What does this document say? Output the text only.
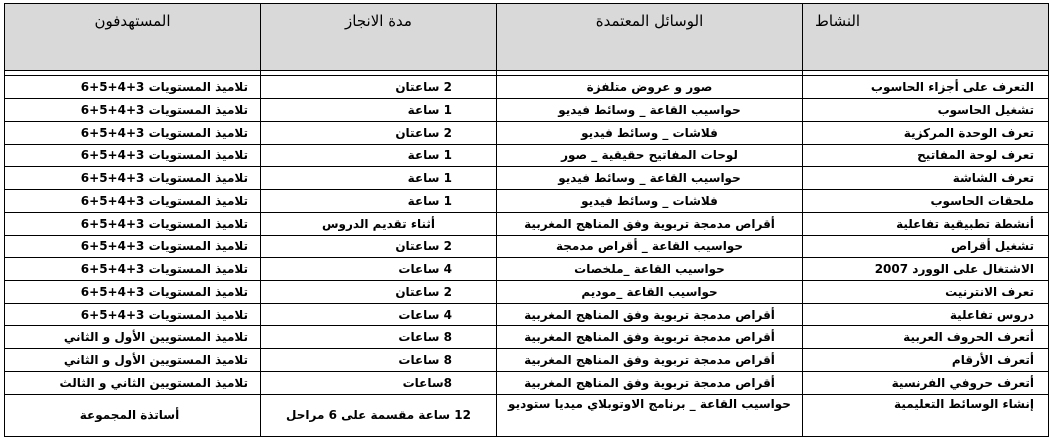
النشاط	الوسائل المعتمدة	مدة الانجاز	المستهدفون

التعرف على أجزاء الحاسوب	صور و عروض متلفزة	2 ساعتان	تلاميذ المستويات 3+4+5+6
تشغيل الحاسوب	حواسيب القاعة _ وسائط فيديو	1 ساعة	تلاميذ المستويات 3+4+5+6
تعرف الوحدة المركزية	فلاشات _ وسائط فيديو	2 ساعتان	تلاميذ المستويات 3+4+5+6
تعرف لوحة المفاتيح	لوحات المفاتيح حقيقية _ صور	1 ساعة	تلاميذ المستويات 3+4+5+6
تعرف الشاشة	حواسيب القاعة _ وسائط فيديو	1 ساعة	تلاميذ المستويات 3+4+5+6
ملحقات الحاسوب	فلاشات _ وسائط فيديو	1 ساعة	تلاميذ المستويات 3+4+5+6
أنشطة تطبيقية تفاعلية	أقراص مدمجة تربوية وفق المناهج المغربية	أثناء تقديم الدروس	تلاميذ المستويات 3+4+5+6
تشغيل أقراص	حواسيب القاعة _ أقراص مدمجة	2 ساعتان	تلاميذ المستويات 3+4+5+6
الاشتغال على الوورد 2007	حواسيب القاعة _ملخصات	4 ساعات	تلاميذ المستويات 3+4+5+6
تعرف الانترنيت	حواسيب القاعة _موديم	2 ساعتان	تلاميذ المستويات 3+4+5+6
دروس تفاعلية	أقراص مدمجة تربوية وفق المناهج المغربية	4 ساعات	تلاميذ المستويات 3+4+5+6
أتعرف الحروف العربية	أقراص مدمجة تربوية وفق المناهج المغربية	8 ساعات	تلاميذ المستويين الأول و الثاني
أتعرف الأرقام	أقراص مدمجة تربوية وفق المناهج المغربية	8 ساعات	تلاميذ المستويين الأول و الثاني
أتعرف حروفي الفرنسية	أقراص مدمجة تربوية وفق المناهج المغربية	8ساعات	تلاميذ المستويين الثاني و الثالث
إنشاء الوسائط التعليمية	حواسيب القاعة _ برنامج الاوتوبلاي ميديا ستوديو	12 ساعة مقسمة على 6 مراحل	أساتذة المجموعة
